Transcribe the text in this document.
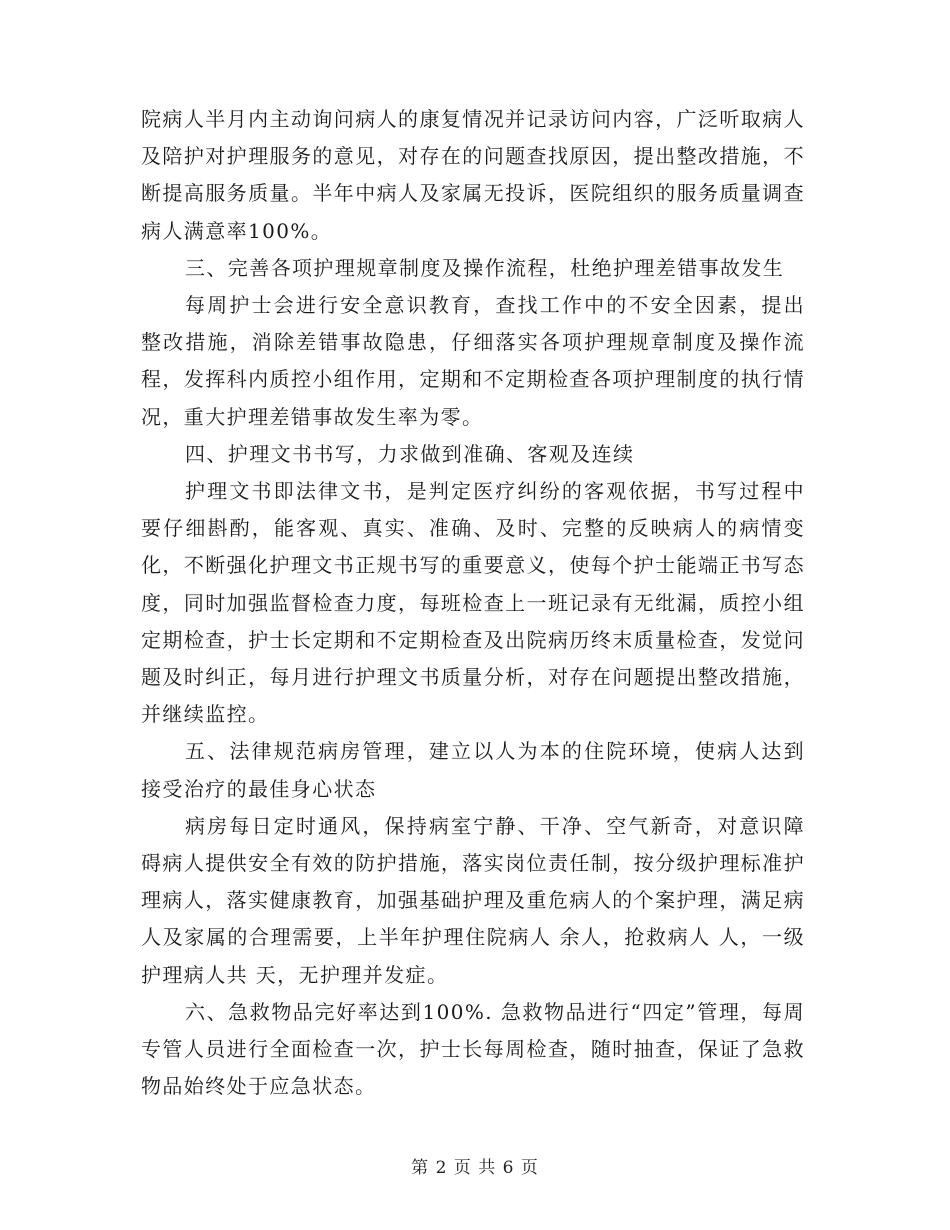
院病人半月内主动询问病人的康复情况并记录访问内容，广泛听取病人及陪护对护理服务的意见，对存在的问题查找原因，提出整改措施，不断提高服务质量。半年中病人及家属无投诉，医院组织的服务质量调查病人满意率100%。

三、完善各项护理规章制度及操作流程，杜绝护理差错事故发生

每周护士会进行安全意识教育，查找工作中的不安全因素，提出整改措施，消除差错事故隐患，仔细落实各项护理规章制度及操作流程，发挥科内质控小组作用，定期和不定期检查各项护理制度的执行情况，重大护理差错事故发生率为零。

四、护理文书书写，力求做到准确、客观及连续

护理文书即法律文书，是判定医疗纠纷的客观依据，书写过程中要仔细斟酌，能客观、真实、准确、及时、完整的反映病人的病情变化，不断强化护理文书正规书写的重要意义，使每个护士能端正书写态度，同时加强监督检查力度，每班检查上一班记录有无纰漏，质控小组定期检查，护士长定期和不定期检查及出院病历终末质量检查，发觉问题及时纠正，每月进行护理文书质量分析，对存在问题提出整改措施，并继续监控。

五、法律规范病房管理，建立以人为本的住院环境，使病人达到接受治疗的最佳身心状态

病房每日定时通风，保持病室宁静、干净、空气新奇，对意识障碍病人提供安全有效的防护措施，落实岗位责任制，按分级护理标准护理病人，落实健康教育，加强基础护理及重危病人的个案护理，满足病人及家属的合理需要，上半年护理住院病人 余人，抢救病人 人，一级护理病人共 天，无护理并发症。

六、急救物品完好率达到100%. 急救物品进行“四定”管理，每周专管人员进行全面检查一次，护士长每周检查，随时抽查，保证了急救物品始终处于应急状态。

第 2 页 共 6 页
